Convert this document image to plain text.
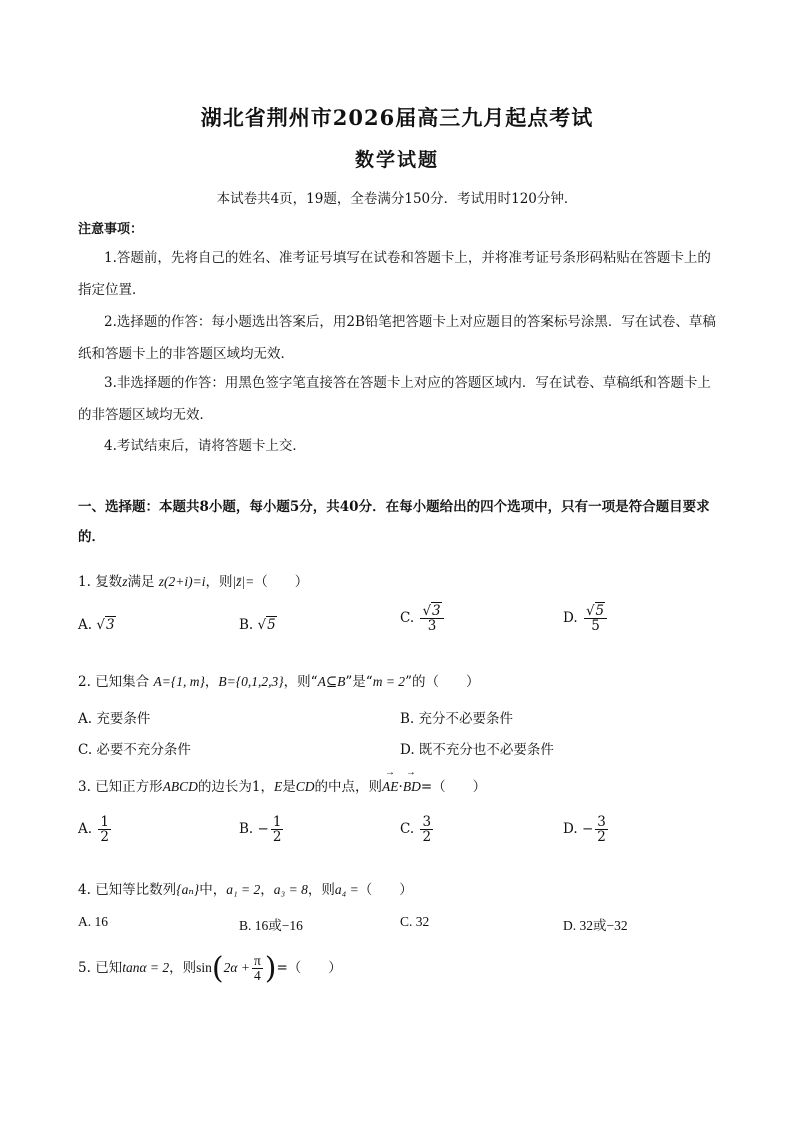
湖北省荆州市2026届高三九月起点考试
数学试题
本试卷共4页，19题，全卷满分150分．考试用时120分钟．
注意事项：
1.答题前，先将自己的姓名、准考证号填写在试卷和答题卡上，并将准考证号条形码粘贴在答题卡上的指定位置．
2.选择题的作答：每小题选出答案后，用2B铅笔把答题卡上对应题目的答案标号涂黑．写在试卷、草稿纸和答题卡上的非答题区域均无效．
3.非选择题的作答：用黑色签字笔直接答在答题卡上对应的答题区域内．写在试卷、草稿纸和答题卡上的非答题区域均无效．
4.考试结束后，请将答题卡上交．
一、选择题：本题共8小题，每小题5分，共40分．在每小题给出的四个选项中，只有一项是符合题目要求的．
1. 复数z满足 z(2+i)=i，则|z̄|=（　　）
A. √3	B. √5	C. $\frac{√3}{3}$	D. $\frac{√5}{5}$
2. 已知集合 A={1, m}，B={0,1,2,3}，则“A⊆B”是“m = 2”的（　　）
A. 充要条件	B. 充分不必要条件
C. 必要不充分条件	D. 既不充分也不必要条件
3. 已知正方形ABCD的边长为1，E是CD的中点，则→ AE·→ BD=（　　）
A. $\frac{1}{2}$	B. − $\frac{1}{2}$	C. $\frac{3}{2}$	D. − $\frac{3}{2}$
4. 已知等比数列{aₙ}中，a₁ = 2，a₃ = 8，则a₄ =（　　）
A. 16	B. 16或−16	C. 32	D. 32或−32
5. 已知tanα = 2，则$\sin(2\alpha + \frac{\pi}{4}$ )=（　　）
